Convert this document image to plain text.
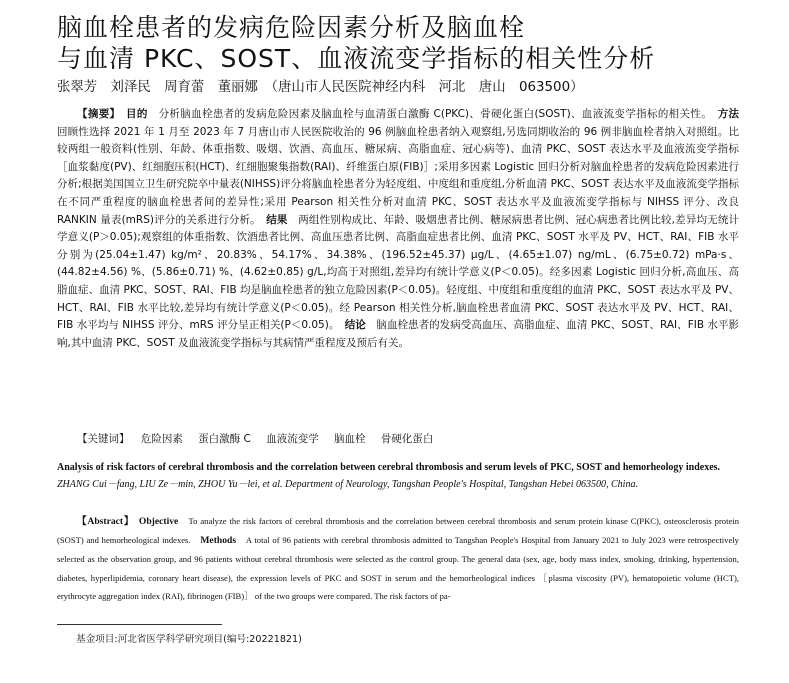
脑血栓患者的发病危险因素分析及脑血栓
与血清 PKC、SOST、血液流变学指标的相关性分析
张翠芳　刘泽民　周育蕾　董丽娜　（唐山市人民医院神经内科　河北　唐山　063500）

【摘要】　 目的　 分析脑血栓患者的发病危险因素及脑血栓与血清蛋白激酶 C(PKC)、骨硬化蛋白(SOST)、血液流变学指标的相关性。　 方法　回顾性选择 2021 年 1 月至 2023 年 7 月唐山市人民医院收治的 96 例脑血栓患者纳入观察组,另选同期收治的 96 例非脑血栓者纳入对照组。比较两组一般资料(性别、年龄、体重指数、吸烟、饮酒、高血压、糖尿病、高脂血症、冠心病等)、血清 PKC、SOST 表达水平及血液流变学指标［血浆黏度(PV)、红细胞压积(HCT)、红细胞聚集指数(RAI)、纤维蛋白原(FIB)］;采用多因素 Logistic 回归分析对脑血栓患者的发病危险因素进行分析;根据美国国立卫生研究院卒中量表(NIHSS)评分将脑血栓患者分为轻度组、中度组和重度组,分析血清 PKC、SOST 表达水平及血液流变学指标在不同严重程度的脑血栓患者间的差异性;采用 Pearson 相关性分析对血清 PKC、SOST 表达水平及血液流变学指标与 NIHSS 评分、改良 RANKIN 量表(mRS)评分的关系进行分析。　 结果　 两组性别构成比、年龄、吸烟患者比例、糖尿病患者比例、冠心病患者比例比较,差异均无统计学意义(P＞0.05);观察组的体重指数、饮酒患者比例、高血压患者比例、高脂血症患者比例、血清 PKC、SOST 水平及 PV、HCT、RAI、FIB 水平分别为(25.04±1.47) kg/m²、20.83%、54.17%、34.38%、(196.52±45.37) μg/L、(4.65±1.07) ng/mL、(6.75±0.72) mPa·s、(44.82±4.56) %、(5.86±0.71) %、(4.62±0.85) g/L,均高于对照组,差异均有统计学意义(P＜0.05)。经多因素 Logistic 回归分析,高血压、高脂血症、血清 PKC、SOST、RAI、FIB 均是脑血栓患者的独立危险因素(P＜0.05)。轻度组、中度组和重度组的血清 PKC、SOST 表达水平及 PV、HCT、RAI、FIB 水平比较,差异均有统计学意义(P＜0.05)。经 Pearson 相关性分析,脑血栓患者血清 PKC、SOST 表达水平及 PV、HCT、RAI、FIB 水平均与 NIHSS 评分、mRS 评分呈正相关(P＜0.05)。　 结论　 脑血栓患者的发病受高血压、高脂血症、血清 PKC、SOST、RAI、FIB 水平影响,其中血清 PKC、SOST 及血液流变学指标与其病情严重程度及预后有关。

【关键词】 危险因素 蛋白激酶 C 血液流变学 脑血栓 骨硬化蛋白

Analysis of risk factors of cerebral thrombosis and the correlation between cerebral thrombosis and serum levels of PKC, SOST and hemorheology indexes. ZHANG Cui－fang, LIU Ze－min, ZHOU Yu－lei, et al. Department of Neurology, Tangshan People's Hospital, Tangshan Hebei 063500, China.

【Abstract】　 Objective　 To analyze the risk factors of cerebral thrombosis and the correlation between cerebral thrombosis and serum protein kinase C(PKC), osteosclerosis protein (SOST) and hemorheological indexes.　 Methods　 A total of 96 patients with cerebral thrombosis admitted to Tangshan People's Hospital from January 2021 to July 2023 were retrospectively selected as the observation group, and 96 patients without cerebral thrombosis were selected as the control group. The general data (sex, age, body mass index, smoking, drinking, hypertension, diabetes, hyperlipidemia, coronary heart disease), the expression levels of PKC and SOST in serum and the hemorheological indices ［plasma viscosity (PV), hematopoietic volume (HCT), erythrocyte aggregation index (RAI), fibrinogen (FIB)］ of the two groups were compared. The risk factors of pa-

基金项目:河北省医学科学研究项目(编号:20221821)
